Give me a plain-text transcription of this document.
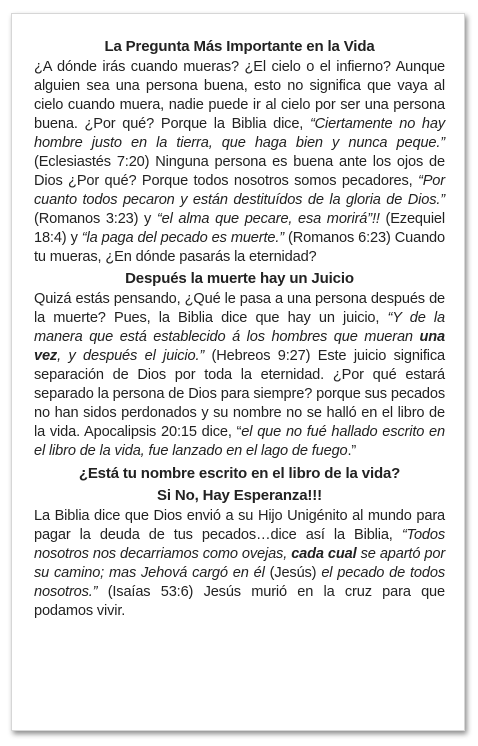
La Pregunta Más Importante en la Vida

¿A dónde irás cuando mueras? ¿El cielo o el infierno? Aunque alguien sea una persona buena, esto no significa que vaya al cielo cuando muera, nadie puede ir al cielo por ser una persona buena. ¿Por qué? Porque la Biblia dice, “Ciertamente no hay hombre justo en la tierra, que haga bien y nunca peque.” (Eclesiastés 7:20) Ninguna persona es buena ante los ojos de Dios ¿Por qué? Porque todos nosotros somos pecadores, “Por cuanto todos pecaron y están destituídos de la gloria de Dios.” (Romanos 3:23) y “el alma que pecare, esa morirá”!! (Ezequiel 18:4) y “la paga del pecado es muerte.” (Romanos 6:23) Cuando tu mueras, ¿En dónde pasarás la eternidad?

Después la muerte hay un Juicio

Quizá estás pensando, ¿Qué le pasa a una persona después de la muerte? Pues, la Biblia dice que hay un juicio, “Y de la manera que está establecido á los hombres que mueran una vez, y después el juicio.” (Hebreos 9:27) Este juicio significa separación de Dios por toda la eternidad. ¿Por qué estará separado la persona de Dios para siempre? porque sus pecados no han sidos perdonados y su nombre no se halló en el libro de la vida. Apocalipsis 20:15 dice, “el que no fué hallado escrito en el libro de la vida, fue lanzado en el lago de fuego.”

¿Está tu nombre escrito en el libro de la vida?
Si No, Hay Esperanza!!!

La Biblia dice que Dios envió a su Hijo Unigénito al mundo para pagar la deuda de tus pecados…dice así la Biblia, “Todos nosotros nos decarriamos como ovejas, cada cual se apartó por su camino; mas Jehová cargó en él (Jesús) el pecado de todos nosotros.” (Isaías 53:6) Jesús murió en la cruz para que podamos vivir.
